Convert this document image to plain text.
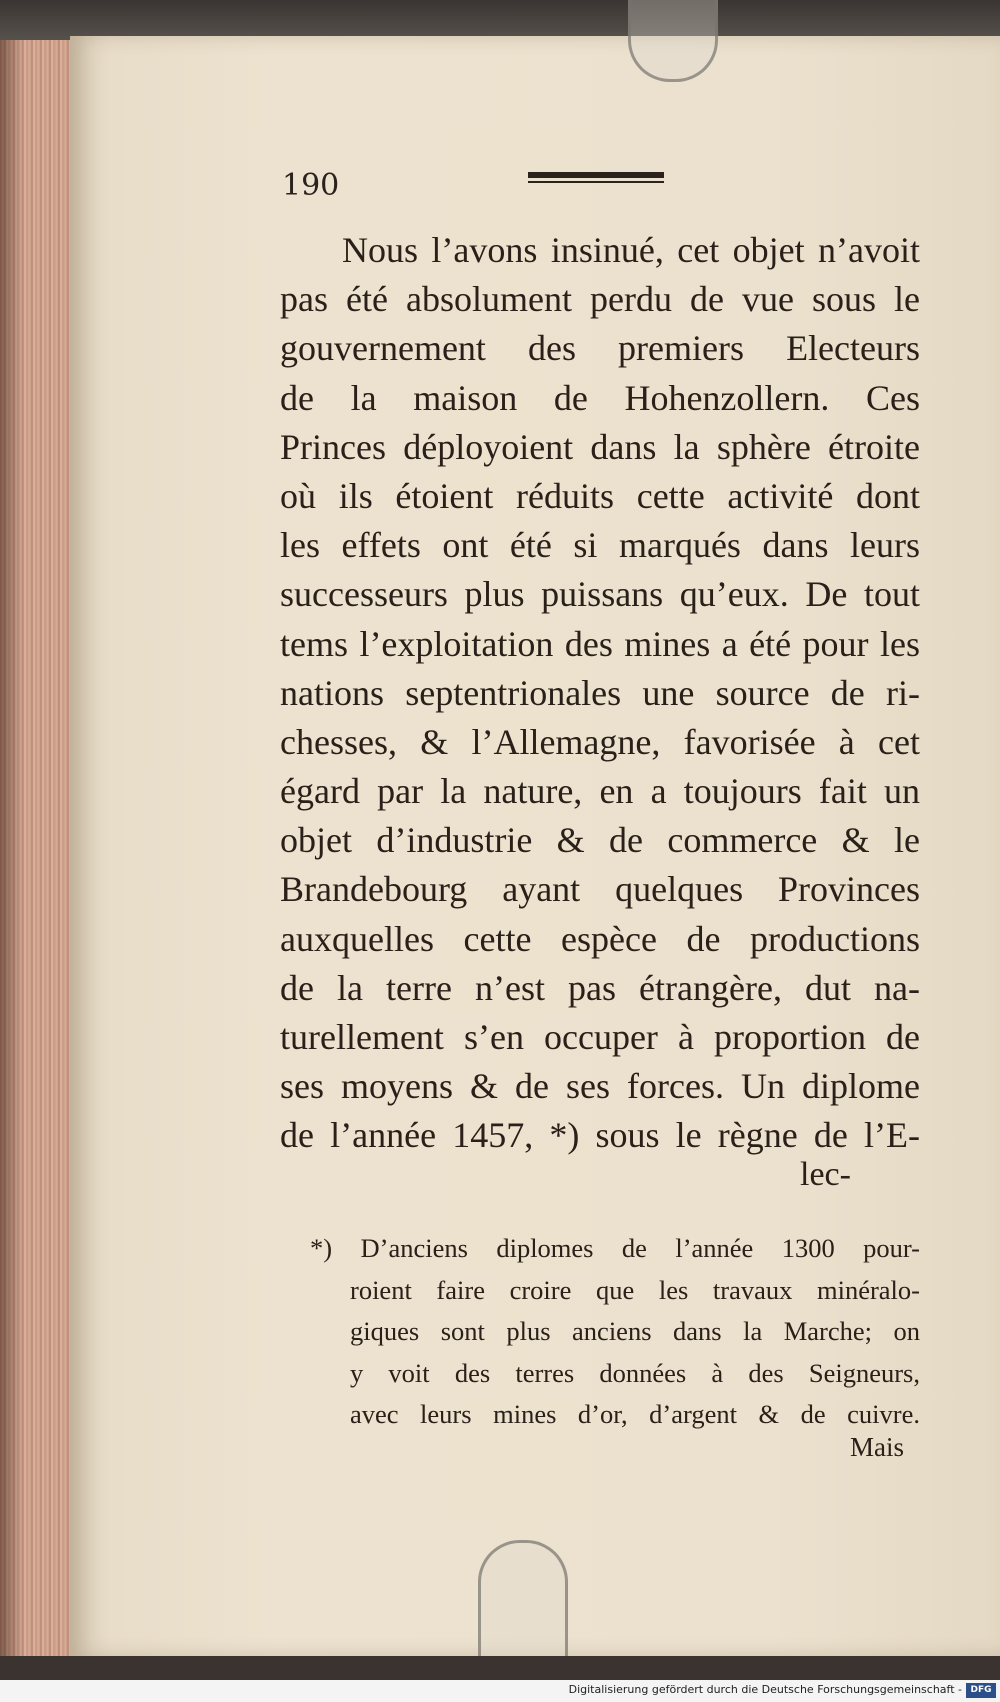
190
Nous l’avons insinué, cet objet n’avoit
pas été absolument perdu de vue sous le
gouvernement des premiers Electeurs
de la maison de Hohenzollern. Ces
Princes déployoient dans la sphère étroite
où ils étoient réduits cette activité dont
les effets ont été si marqués dans leurs
successeurs plus puissans qu’eux. De tout
tems l’exploitation des mines a été pour les
nations septentrionales une source de ri-
chesses, & l’Allemagne, favorisée à cet
égard par la nature, en a toujours fait un
objet d’industrie & de commerce & le
Brandebourg ayant quelques Provinces
auxquelles cette espèce de productions
de la terre n’est pas étrangère, dut na-
turellement s’en occuper à proportion de
ses moyens & de ses forces. Un diplome
de l’année 1457, *) sous le règne de l’E-
lec-
*) D’anciens diplomes de l’année 1300 pour-
roient faire croire que les travaux minéralo-
giques sont plus anciens dans la Marche; on
y voit des terres données à des Seigneurs,
avec leurs mines d’or, d’argent & de cuivre.
Mais
Digitalisierung gefördert durch die Deutsche Forschungsgemeinschaft - DFG
